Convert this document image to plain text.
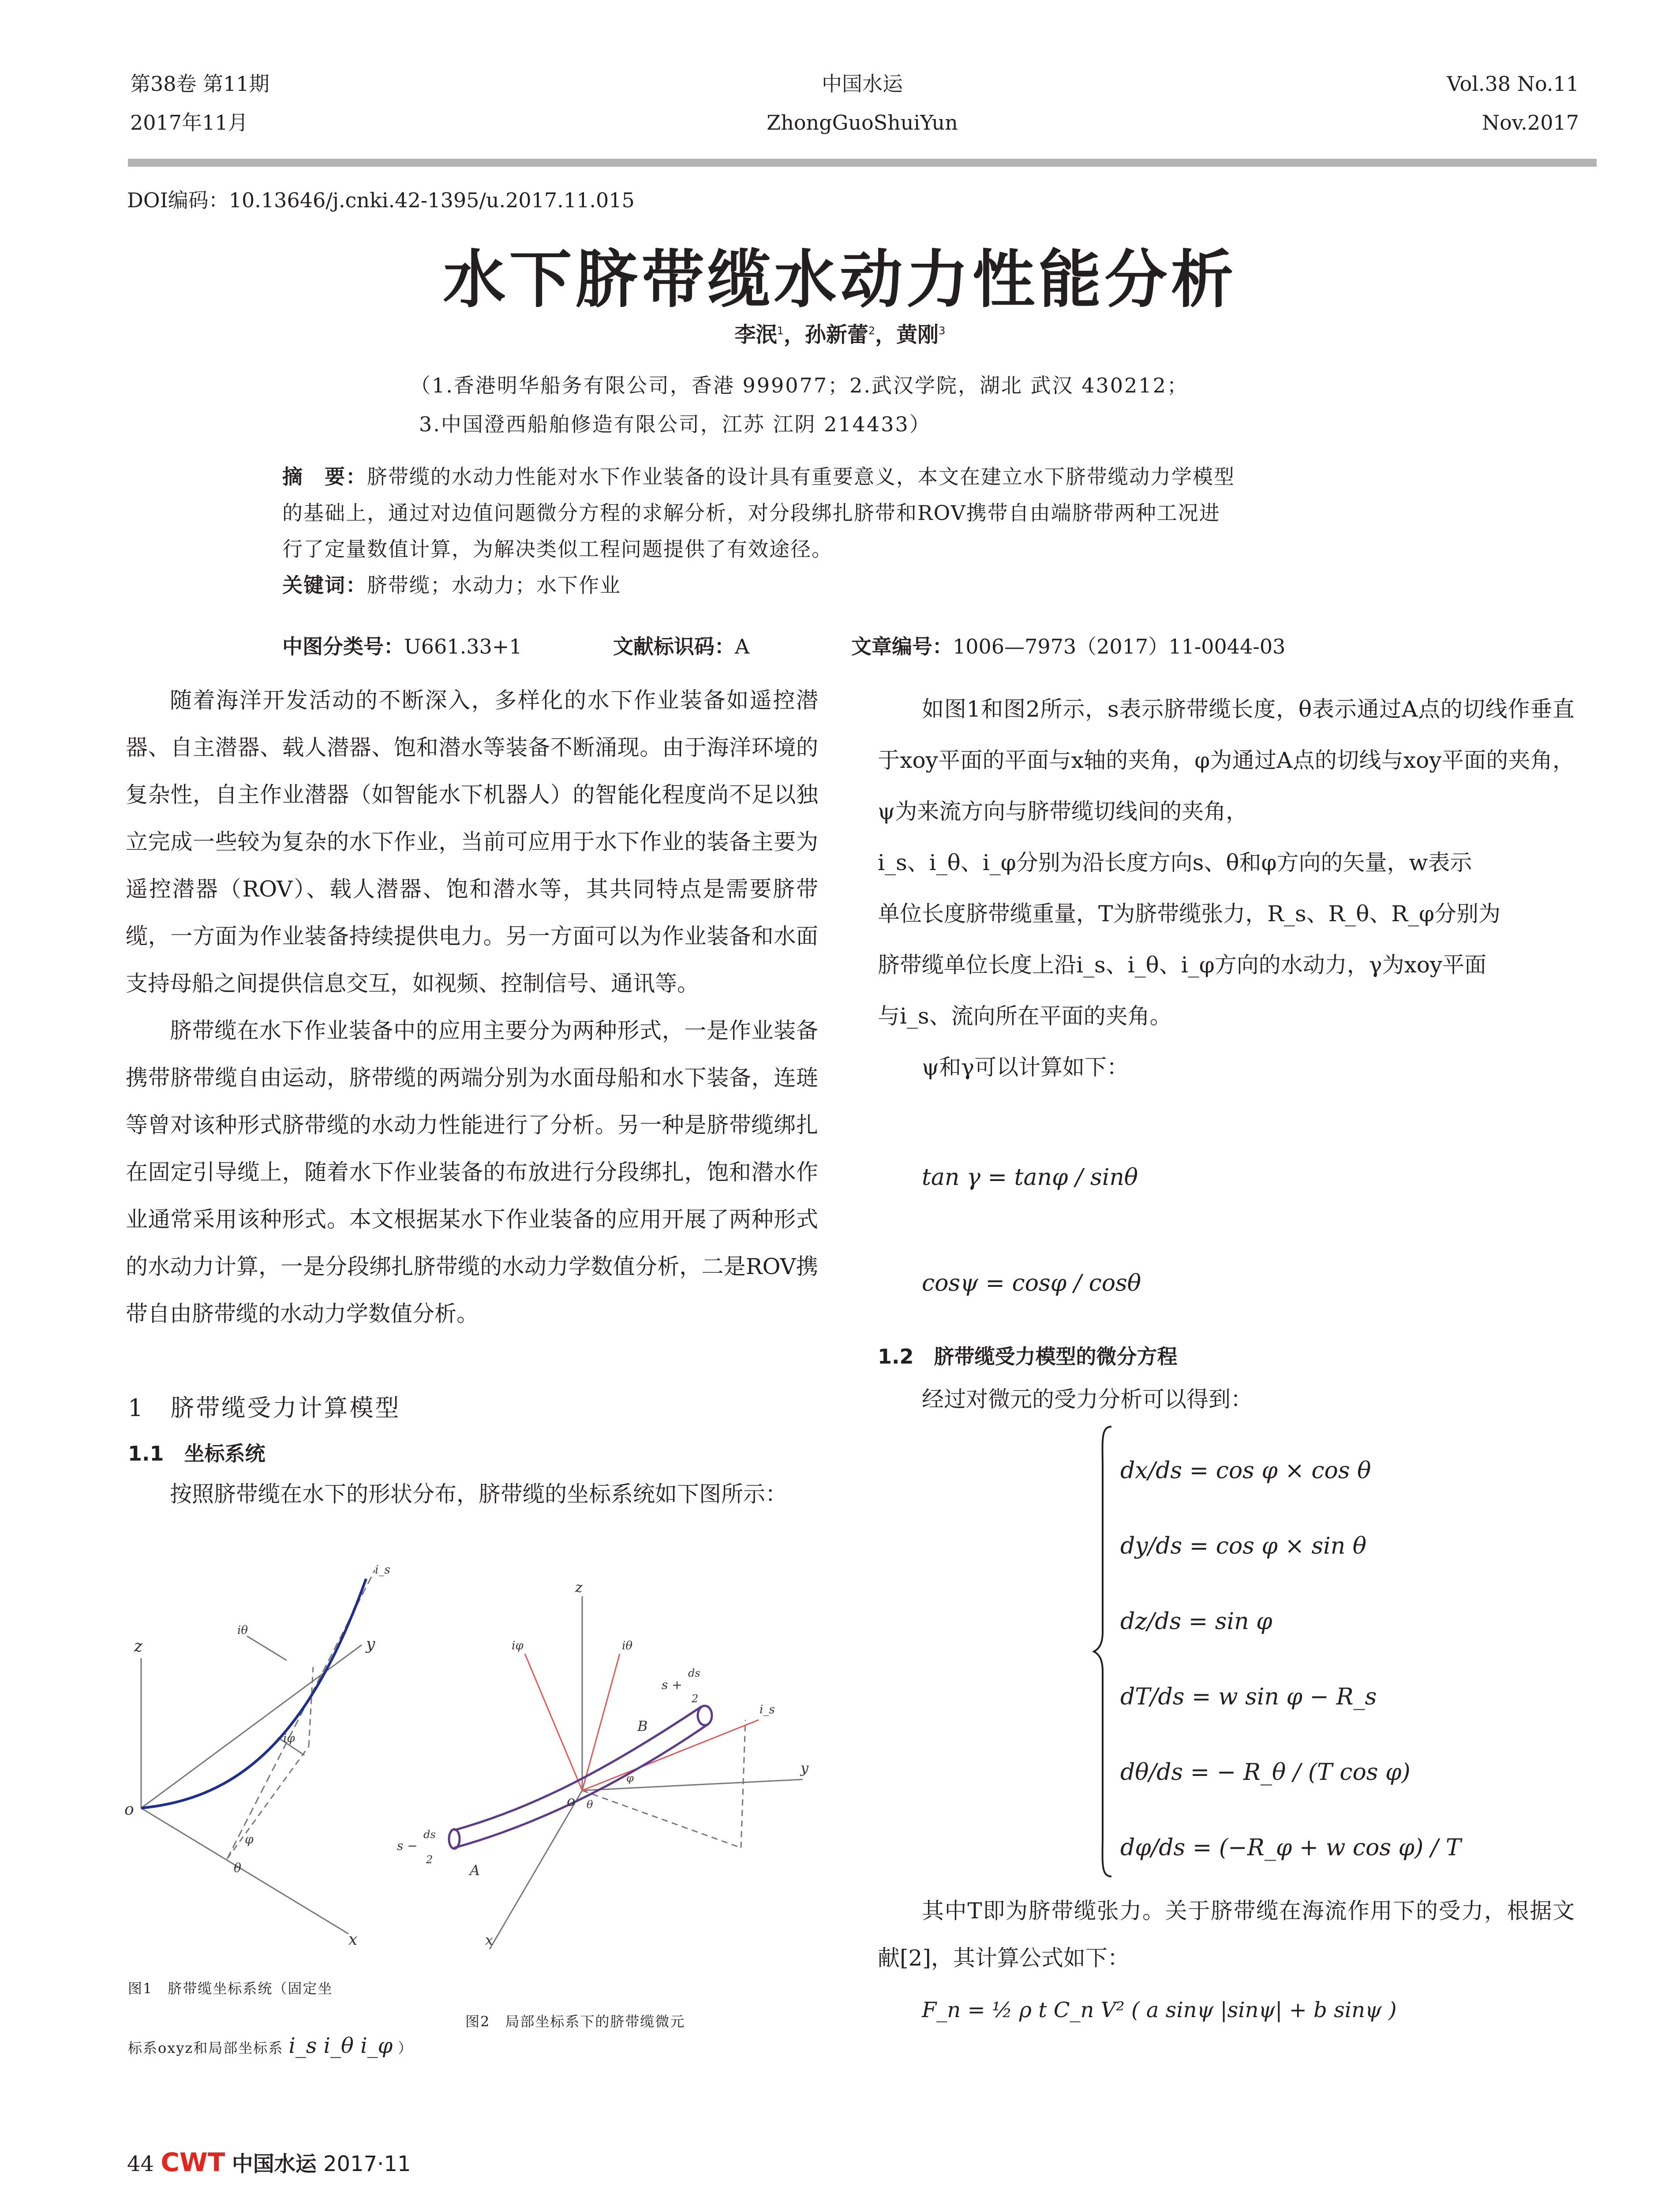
第38卷 第11期
2017年11月
中国水运
ZhongGuoShuiYun
Vol.38 No.11
Nov.2017
DOI编码：10.13646/j.cnki.42-1395/u.2017.11.015
水下脐带缆水动力性能分析
李泯$^1$，孙新蕾$^2$，黄刚$^3$
（1.香港明华船务有限公司，香港 999077；2.武汉学院，湖北 武汉 430212；
3.中国澄西船舶修造有限公司，江苏 江阴 214433）
摘　要：脐带缆的水动力性能对水下作业装备的设计具有重要意义，本文在建立水下脐带缆动力学模型
的基础上，通过对边值问题微分方程的求解分析，对分段绑扎脐带和ROV携带自由端脐带两种工况进
行了定量数值计算，为解决类似工程问题提供了有效途径。
关键词：脐带缆；水动力；水下作业
中图分类号：U661.33+1	文献标识码：A	文章编号：1006—7973（2017）11-0044-03

随着海洋开发活动的不断深入，多样化的水下作业装备如遥控潜器、自主潜器、载人潜器、饱和潜水等装备不断涌现。由于海洋环境的复杂性，自主作业潜器（如智能水下机器人）的智能化程度尚不足以独立完成一些较为复杂的水下作业，当前可应用于水下作业的装备主要为遥控潜器（ROV）、载人潜器、饱和潜水等，其共同特点是需要脐带缆，一方面为作业装备持续提供电力。另一方面可以为作业装备和水面支持母船之间提供信息交互，如视频、控制信号、通讯等。

脐带缆在水下作业装备中的应用主要分为两种形式，一是作业装备携带脐带缆自由运动，脐带缆的两端分别为水面母船和水下装备，连琏等曾对该种形式脐带缆的水动力性能进行了分析。另一种是脐带缆绑扎在固定引导缆上，随着水下作业装备的布放进行分段绑扎，饱和潜水作业通常采用该种形式。本文根据某水下作业装备的应用开展了两种形式的水动力计算，一是分段绑扎脐带缆的水动力学数值分析，二是ROV携带自由脐带缆的水动力学数值分析。

1　脐带缆受力计算模型
1.1　坐标系统

按照脐带缆在水下的形状分布，脐带缆的坐标系统如下图所示：

z	y
x
o
i_s
iθ
iφ
φ
θ
z
y
x
o
A
B
iφ	iθ
i_s
s −
ds
2
s +
ds
2
φ
θ
图1　脐带缆坐标系统（固定坐
标系oxyz和局部坐标系 i_s i_θ i_φ ）
图2　局部坐标系下的脐带缆微元

如图1和图2所示，s表示脐带缆长度，θ表示通过A点的切线作垂直于xoy平面的平面与x轴的夹角，φ为通过A点的切线与xoy平面的夹角，ψ为来流方向与脐带缆切线间的夹角，

i_s、i_θ、i_φ分别为沿长度方向s、θ和φ方向的矢量，w表示
单位长度脐带缆重量，T为脐带缆张力，R_s、R_θ、R_φ分别为
脐带缆单位长度上沿i_s、i_θ、i_φ方向的水动力，γ为xoy平面
与i_s、流向所在平面的夹角。

ψ和γ可以计算如下：

tan γ = tanφ / sinθ
cosψ = cosφ / cosθ
1.2　脐带缆受力模型的微分方程

经过对微元的受力分析可以得到：

dx/ds = cos φ × cos θ
dy/ds = cos φ × sin θ
dz/ds = sin φ
dT/ds = w sin φ − R_s
dθ/ds = − R_θ / (T cos φ)
dφ/ds = (−R_φ + w cos φ) / T

其中T即为脐带缆张力。关于脐带缆在海流作用下的受力，根据文献[2]，其计算公式如下：

F_n = ½ ρ t C_n V² ( a sinψ |sinψ| + b sinψ )
44 CWT 中国水运 2017·11
